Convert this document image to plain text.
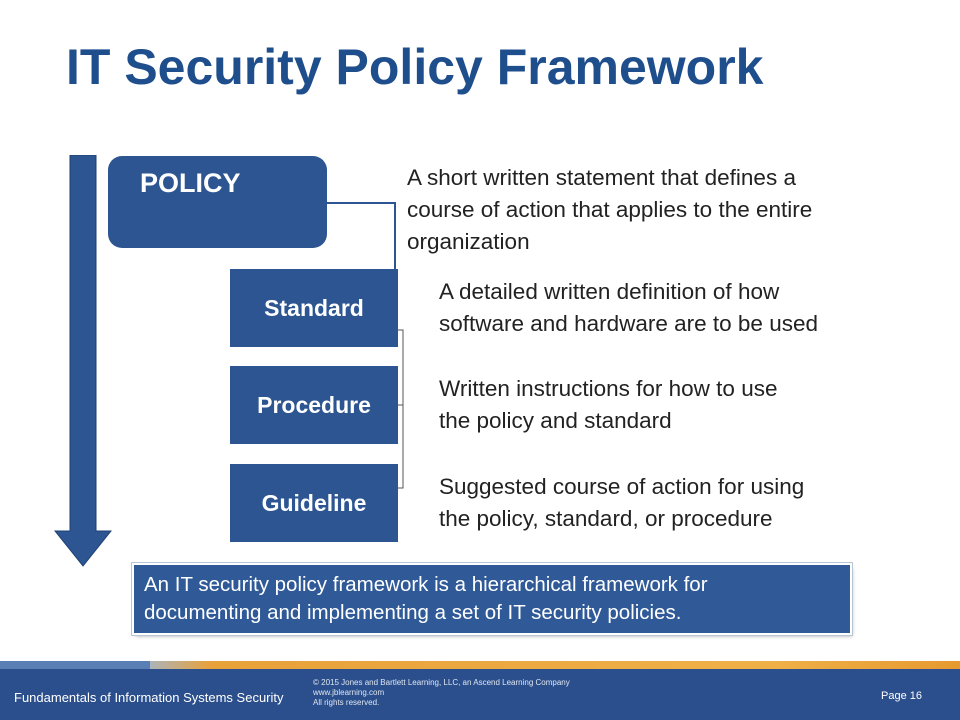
IT Security Policy Framework
POLICY
Standard
Procedure
Guideline

A short written statement that defines a

course of action that applies to the entire

organization

A detailed written definition of how

software and hardware are to be used

Written instructions for how to use

the policy and standard

Suggested course of action for using

the policy, standard, or procedure

An IT security policy framework is a hierarchical framework for

documenting and implementing a set of IT security policies.

Fundamentals of Information Systems Security
© 2015 Jones and Bartlett Learning, LLC, an Ascend Learning Company
www.jblearning.com
All rights reserved.
Page 16
